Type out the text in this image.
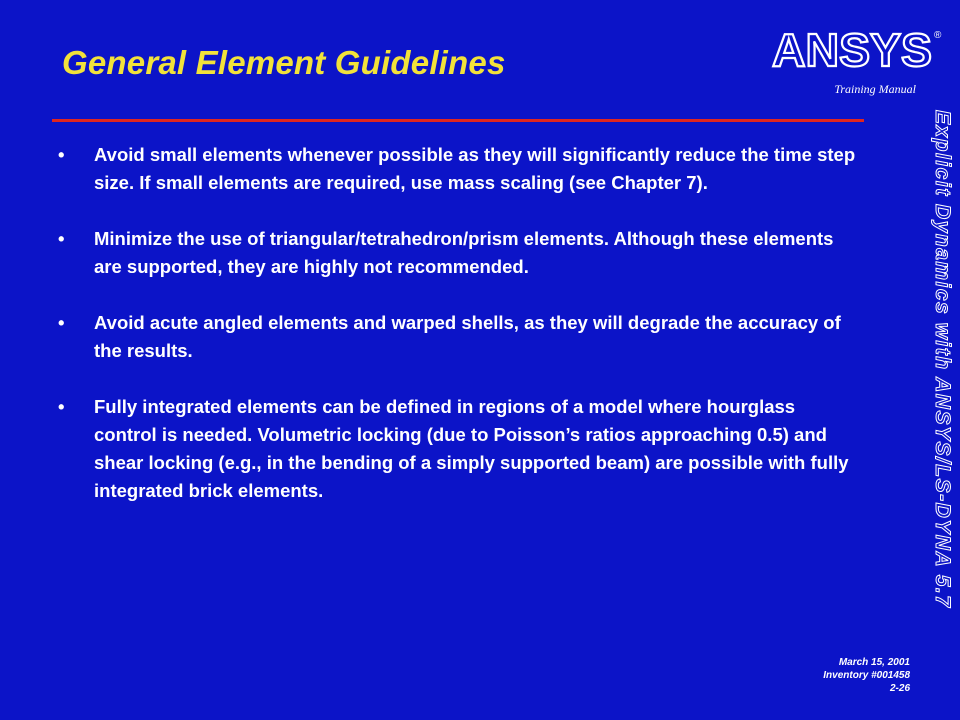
General Element Guidelines	ANSYS ®
Training Manual
• Avoid small elements whenever possible as they will significantly reduce the time step size. If small elements are required, use mass scaling (see Chapter 7).
• Minimize the use of triangular/tetrahedron/prism elements. Although these elements are supported, they are highly not recommended.
• Avoid acute angled elements and warped shells, as they will degrade the accuracy of the results.
• Fully integrated elements can be defined in regions of a model where hourglass control is needed. Volumetric locking (due to Poisson’s ratios approaching 0.5) and shear locking (e.g., in the bending of a simply supported beam) are possible with fully integrated brick elements.	Explicit Dynamics with ANSYS/LS-DYNA 5.7
March 15, 2001
Inventory #001458
2-26
